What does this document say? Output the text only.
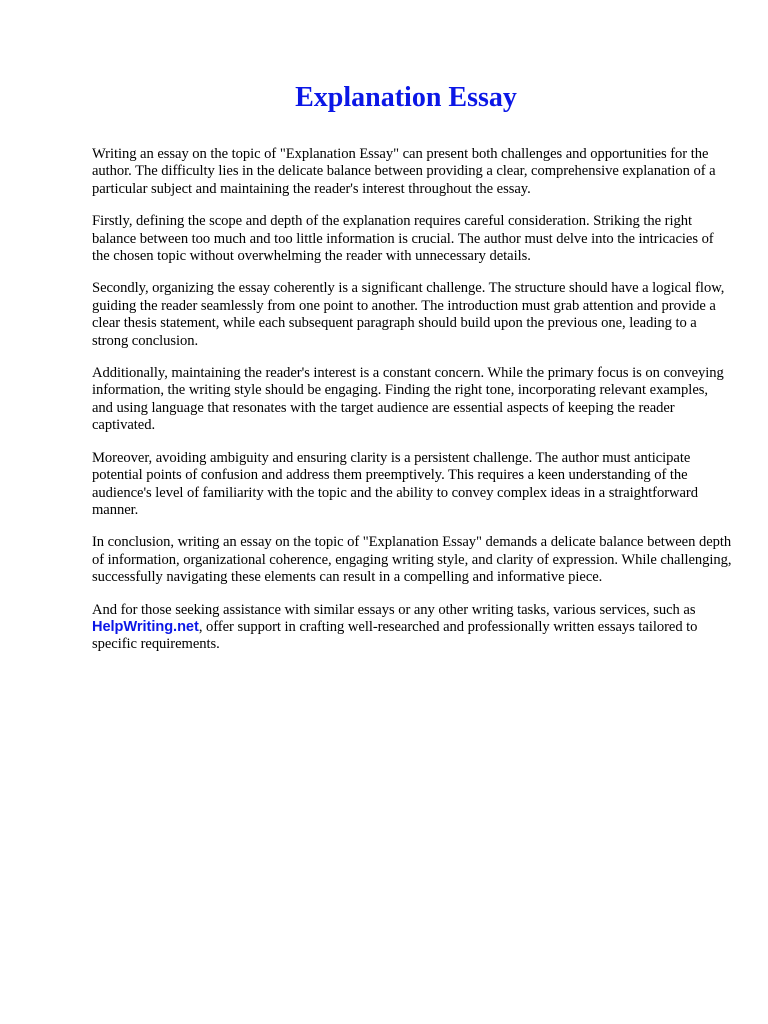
Explanation Essay

Writing an essay on the topic of "Explanation Essay" can present both challenges and opportunities for the author. The difficulty lies in the delicate balance between providing a clear, comprehensive explanation of a particular subject and maintaining the reader's interest throughout the essay.

Firstly, defining the scope and depth of the explanation requires careful consideration. Striking the right balance between too much and too little information is crucial. The author must delve into the intricacies of the chosen topic without overwhelming the reader with unnecessary details.

Secondly, organizing the essay coherently is a significant challenge. The structure should have a logical flow, guiding the reader seamlessly from one point to another. The introduction must grab attention and provide a clear thesis statement, while each subsequent paragraph should build upon the previous one, leading to a strong conclusion.

Additionally, maintaining the reader's interest is a constant concern. While the primary focus is on conveying information, the writing style should be engaging. Finding the right tone, incorporating relevant examples, and using language that resonates with the target audience are essential aspects of keeping the reader captivated.

Moreover, avoiding ambiguity and ensuring clarity is a persistent challenge. The author must anticipate potential points of confusion and address them preemptively. This requires a keen understanding of the audience's level of familiarity with the topic and the ability to convey complex ideas in a straightforward manner.

In conclusion, writing an essay on the topic of "Explanation Essay" demands a delicate balance between depth of information, organizational coherence, engaging writing style, and clarity of expression. While challenging, successfully navigating these elements can result in a compelling and informative piece.

And for those seeking assistance with similar essays or any other writing tasks, various services, such asHelpWriting.net, offer support in crafting well-researched and professionally written essays tailored to specific requirements.
